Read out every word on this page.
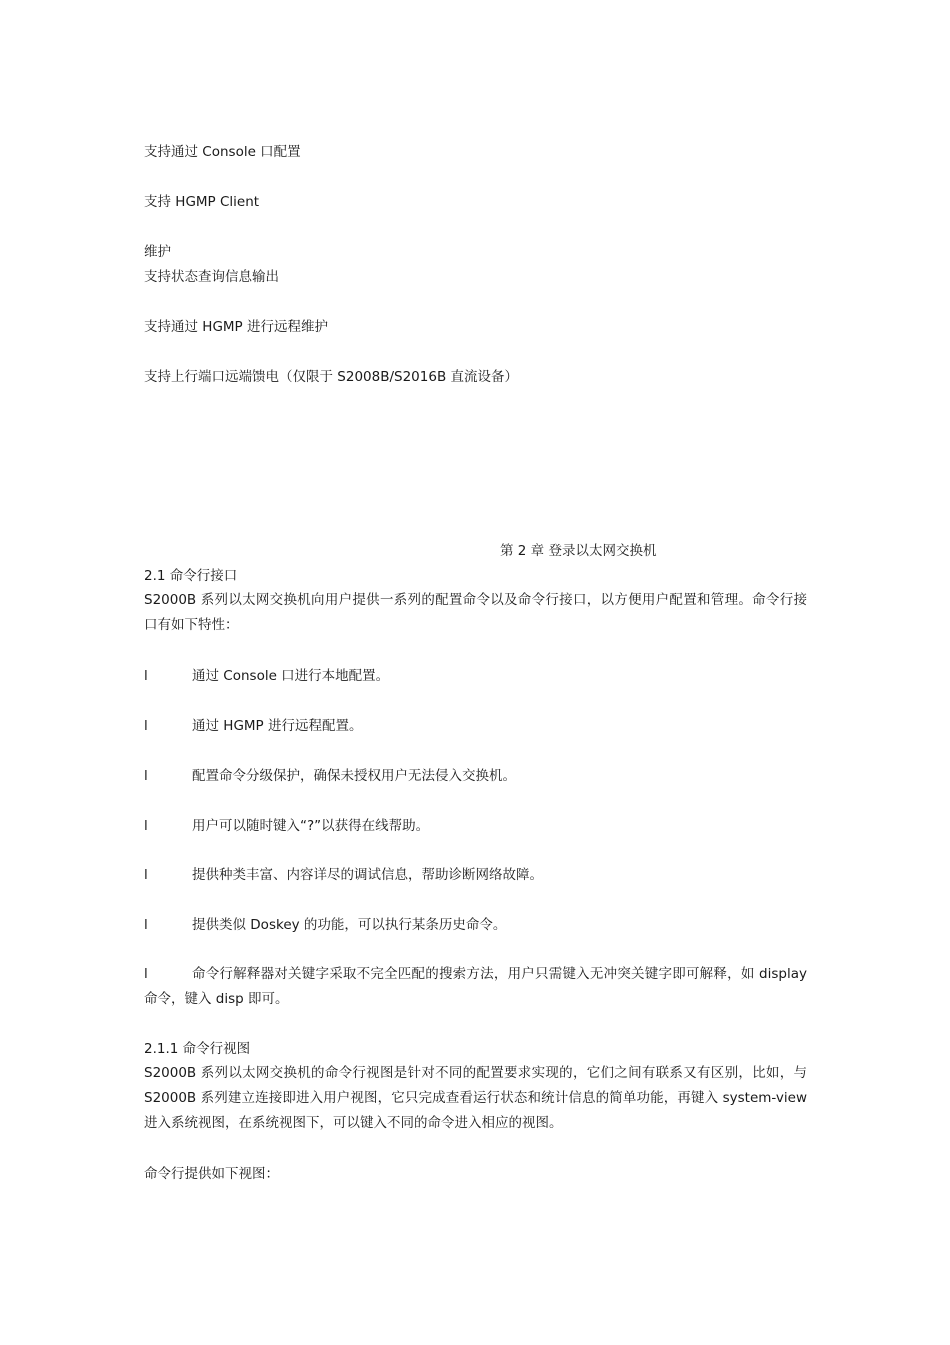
支持通过 Console 口配置
支持 HGMP Client
维护
支持状态查询信息输出
支持通过 HGMP 进行远程维护
支持上行端口远端馈电（仅限于 S2008B/S2016B 直流设备）
第 2 章 登录以太网交换机
2.1 命令行接口
S2000B 系列以太网交换机向用户提供一系列的配置命令以及命令行接口，以方便用户配置和管理。命令行接口有如下特性：
l	通过 Console 口进行本地配置。
l	通过 HGMP 进行远程配置。
l	配置命令分级保护，确保未授权用户无法侵入交换机。
l	用户可以随时键入“?”以获得在线帮助。
l	提供种类丰富、内容详尽的调试信息，帮助诊断网络故障。
l	提供类似 Doskey 的功能，可以执行某条历史命令。
l	命令行解释器对关键字采取不完全匹配的搜索方法，用户只需键入无冲突关键字即可解释，如 display 命令，键入 disp 即可。
2.1.1 命令行视图
S2000B 系列以太网交换机的命令行视图是针对不同的配置要求实现的，它们之间有联系又有区别，比如，与 S2000B 系列建立连接即进入用户视图，它只完成查看运行状态和统计信息的简单功能，再键入 system-view 进入系统视图，在系统视图下，可以键入不同的命令进入相应的视图。
命令行提供如下视图：
